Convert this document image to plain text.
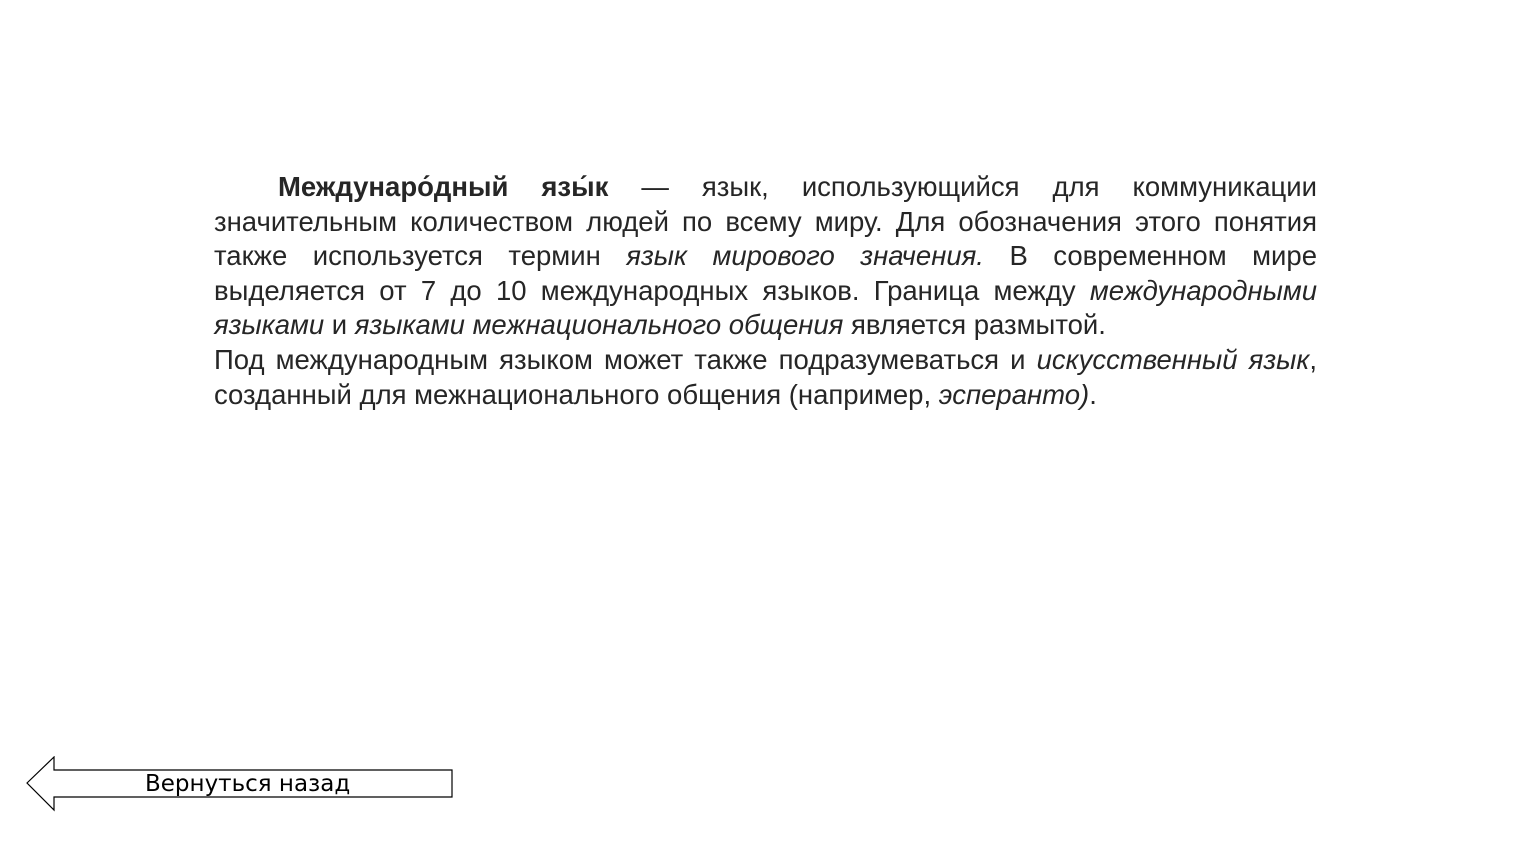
Междунаро́дный язы́к — язык, использующийся для коммуникации значительным количеством людей по всему миру. Для обозначения этого понятия также используется термин язык мирового значения. В современном мире выделяется от 7 до 10 международных языков. Граница между международными языками и языками межнационального общения является размытой.

Под международным языком может также подразумеваться и искусственный язык, созданный для межнационального общения (например, эсперанто).

Вернуться назад
